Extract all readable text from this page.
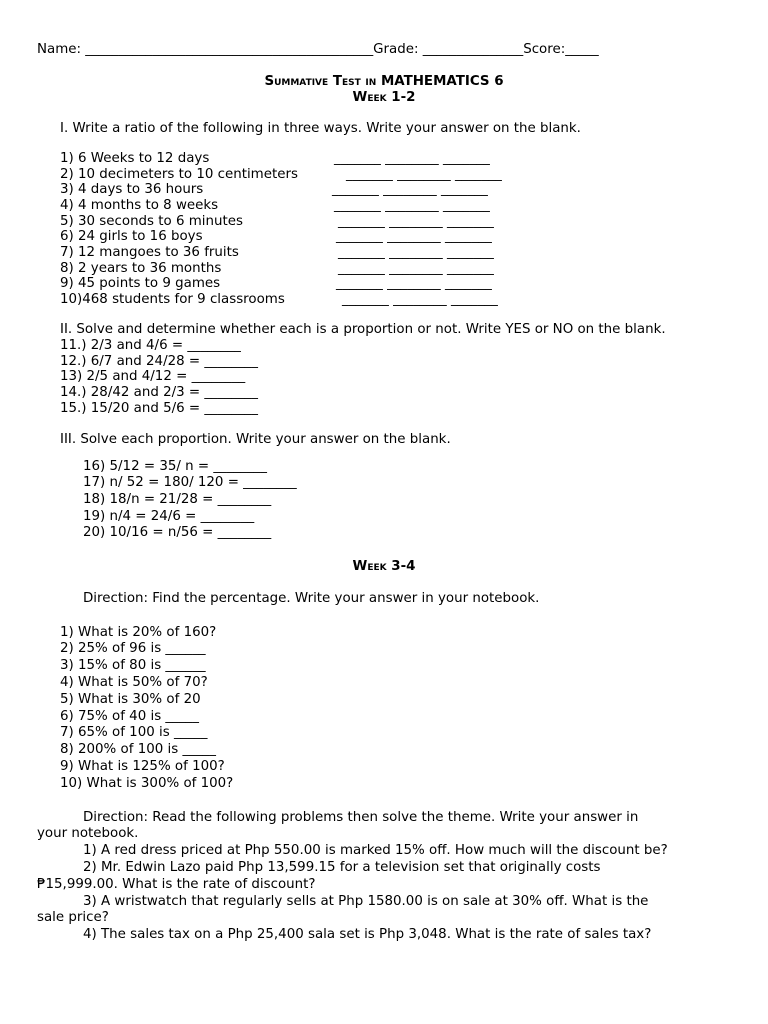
Name: ___________________________________________Grade: _______________Score:_____
Summative Test in MATHEMATICS 6
Week 1-2
I. Write a ratio of the following in three ways. Write your answer on the blank.
1) 6 Weeks to 12 days	_______ ________ _______
2) 10 decimeters to 10 centimeters	_______ ________ _______
3) 4 days to 36 hours	_______ ________ _______
4) 4 months to 8 weeks	_______ ________ _______
5) 30 seconds to 6 minutes	_______ ________ _______
6) 24 girls to 16 boys	_______ ________ _______
7) 12 mangoes to 36 fruits	_______ ________ _______
8) 2 years to 36 months	_______ ________ _______
9) 45 points to 9 games	_______ ________ _______
10)468 students for 9 classrooms	_______ ________ _______
II. Solve and determine whether each is a proportion or not. Write YES or NO on the blank.
11.) 2/3 and 4/6 = ________
12.) 6/7 and 24/28 = ________
13) 2/5 and 4/12 = ________
14.) 28/42 and 2/3 = ________
15.) 15/20 and 5/6 = ________
III. Solve each proportion. Write your answer on the blank.
16) 5/12 = 35/ n = ________
17) n/ 52 = 180/ 120 = ________
18) 18/n = 21/28 = ________
19) n/4 = 24/6 = ________
20) 10/16 = n/56 = ________
Week 3-4
Direction: Find the percentage. Write your answer in your notebook.
1) What is 20% of 160?
2) 25% of 96 is ______
3) 15% of 80 is ______
4) What is 50% of 70?
5) What is 30% of 20
6) 75% of 40 is _____
7) 65% of 100 is _____
8) 200% of 100 is _____
9) What is 125% of 100?
10) What is 300% of 100?
Direction: Read the following problems then solve the theme. Write your answer in
your notebook.
1) A red dress priced at Php 550.00 is marked 15% off. How much will the discount be?
2) Mr. Edwin Lazo paid Php 13,599.15 for a television set that originally costs
₱15,999.00. What is the rate of discount?
3) A wristwatch that regularly sells at Php 1580.00 is on sale at 30% off. What is the
sale price?
4) The sales tax on a Php 25,400 sala set is Php 3,048. What is the rate of sales tax?
